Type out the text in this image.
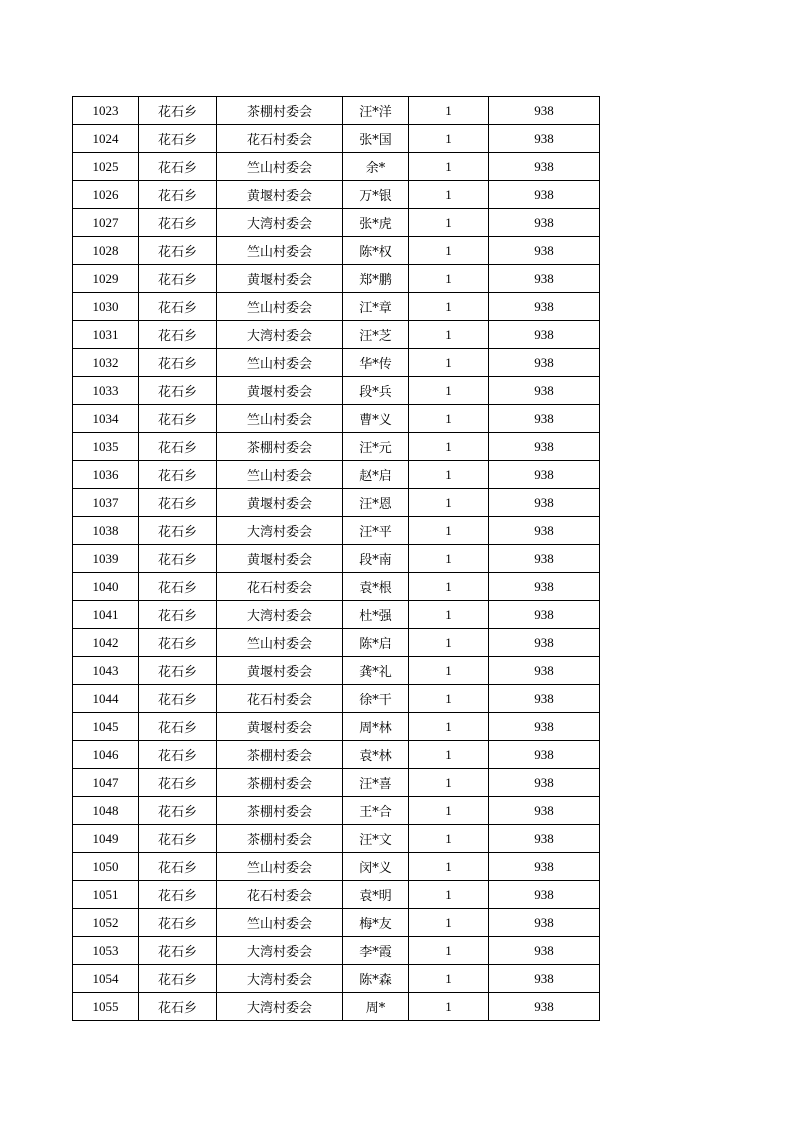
1023	花石乡	茶棚村委会	汪*洋	1	938
1024	花石乡	花石村委会	张*国	1	938
1025	花石乡	竺山村委会	余*	1	938
1026	花石乡	黄堰村委会	万*银	1	938
1027	花石乡	大湾村委会	张*虎	1	938
1028	花石乡	竺山村委会	陈*权	1	938
1029	花石乡	黄堰村委会	郑*鹏	1	938
1030	花石乡	竺山村委会	江*章	1	938
1031	花石乡	大湾村委会	汪*芝	1	938
1032	花石乡	竺山村委会	华*传	1	938
1033	花石乡	黄堰村委会	段*兵	1	938
1034	花石乡	竺山村委会	曹*义	1	938
1035	花石乡	茶棚村委会	汪*元	1	938
1036	花石乡	竺山村委会	赵*启	1	938
1037	花石乡	黄堰村委会	汪*恩	1	938
1038	花石乡	大湾村委会	汪*平	1	938
1039	花石乡	黄堰村委会	段*南	1	938
1040	花石乡	花石村委会	袁*根	1	938
1041	花石乡	大湾村委会	杜*强	1	938
1042	花石乡	竺山村委会	陈*启	1	938
1043	花石乡	黄堰村委会	龚*礼	1	938
1044	花石乡	花石村委会	徐*干	1	938
1045	花石乡	黄堰村委会	周*林	1	938
1046	花石乡	茶棚村委会	袁*林	1	938
1047	花石乡	茶棚村委会	汪*喜	1	938
1048	花石乡	茶棚村委会	王*合	1	938
1049	花石乡	茶棚村委会	汪*文	1	938
1050	花石乡	竺山村委会	闵*义	1	938
1051	花石乡	花石村委会	袁*明	1	938
1052	花石乡	竺山村委会	梅*友	1	938
1053	花石乡	大湾村委会	李*霞	1	938
1054	花石乡	大湾村委会	陈*森	1	938
1055	花石乡	大湾村委会	周*	1	938
